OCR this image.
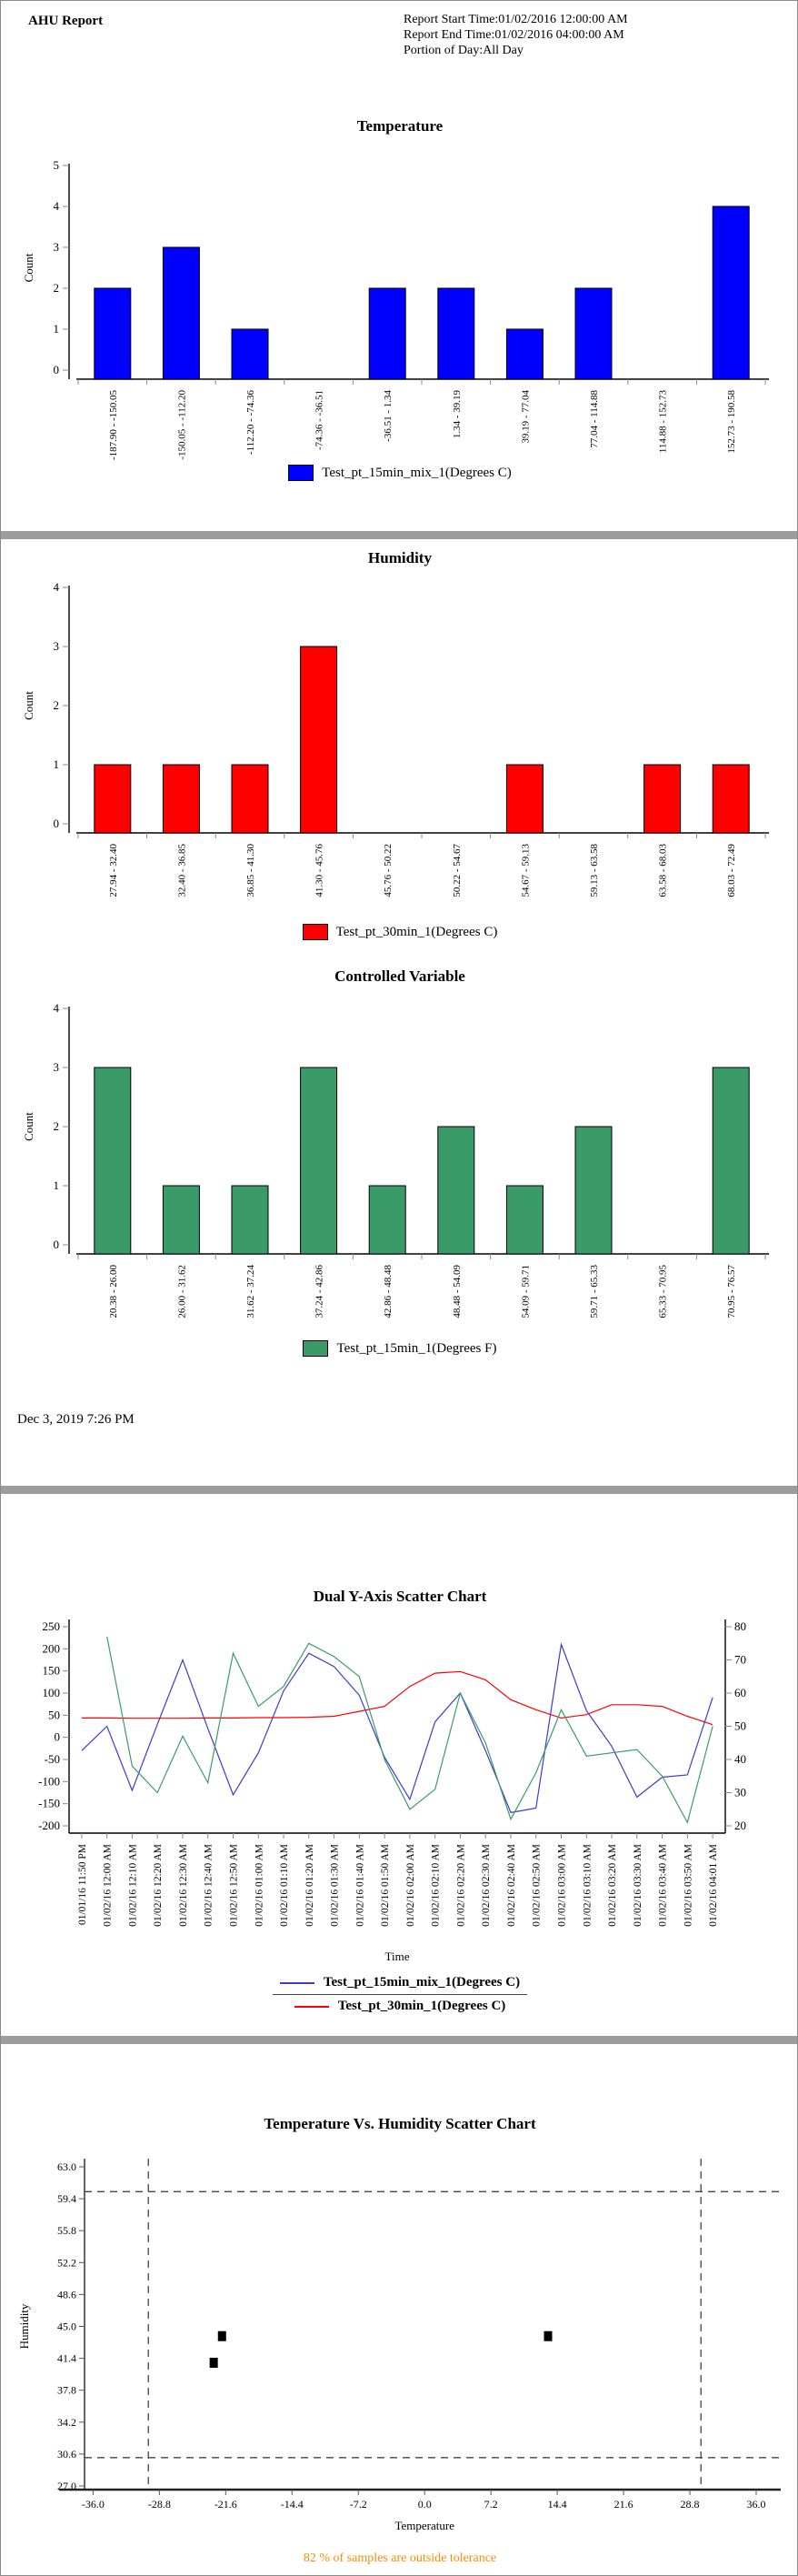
AHU Report	Report Start Time:01/02/2016 12:00:00 AM
Report End Time:01/02/2016 04:00:00 AM
Portion of Day:All Day
Temperature
0
1
2
3
4
5
Count
-187.90 - -150.05	-150.05 - -112.20	-112.20 - -74.36	-74.36 - -36.51	-36.51 - 1.34	1.34 - 39.19	39.19 - 77.04	77.04 - 114.88	114.88 - 152.73	152.73 - 190.58
Test_pt_15min_mix_1(Degrees C)
Humidity
0
1
2
3
4
Count
27.94 - 32.40	32.40 - 36.85	36.85 - 41.30	41.30 - 45.76	45.76 - 50.22	50.22 - 54.67	54.67 - 59.13	59.13 - 63.58	63.58 - 68.03	68.03 - 72.49
Test_pt_30min_1(Degrees C)
Controlled Variable
0
1
2
3
4
Count
20.38 - 26.00	26.00 - 31.62	31.62 - 37.24	37.24 - 42.86	42.86 - 48.48	48.48 - 54.09	54.09 - 59.71	59.71 - 65.33	65.33 - 70.95	70.95 - 76.57
Test_pt_15min_1(Degrees F)
Dec 3, 2019 7:26 PM
Dual Y-Axis Scatter Chart
250
200
150
100
50
0
-50
-100
-150
-200
80
70
60
50
40
30
20
01/01/16 11:50 PM 01/02/16 12:00 AM 01/02/16 12:10 AM 01/02/16 12:20 AM 01/02/16 12:30 AM 01/02/16 12:40 AM 01/02/16 12:50 AM 01/02/16 01:00 AM 01/02/16 01:10 AM 01/02/16 01:20 AM 01/02/16 01:30 AM 01/02/16 01:40 AM 01/02/16 01:50 AM 01/02/16 02:00 AM 01/02/16 02:10 AM 01/02/16 02:20 AM 01/02/16 02:30 AM 01/02/16 02:40 AM 01/02/16 02:50 AM 01/02/16 03:00 AM 01/02/16 03:10 AM 01/02/16 03:20 AM 01/02/16 03:30 AM 01/02/16 03:40 AM 01/02/16 03:50 AM 01/02/16 04:01 AM
Time
Test_pt_15min_mix_1(Degrees C)
Test_pt_30min_1(Degrees C)
Temperature Vs. Humidity Scatter Chart
63.0
59.4
55.8
52.2
48.6
45.0
41.4
37.8
34.2
30.6
27.0
Humidity
-36.0	-28.8	-21.6	-14.4	-7.2	0.0	7.2	14.4	21.6	28.8	36.0
Temperature
82 % of samples are outside tolerance
